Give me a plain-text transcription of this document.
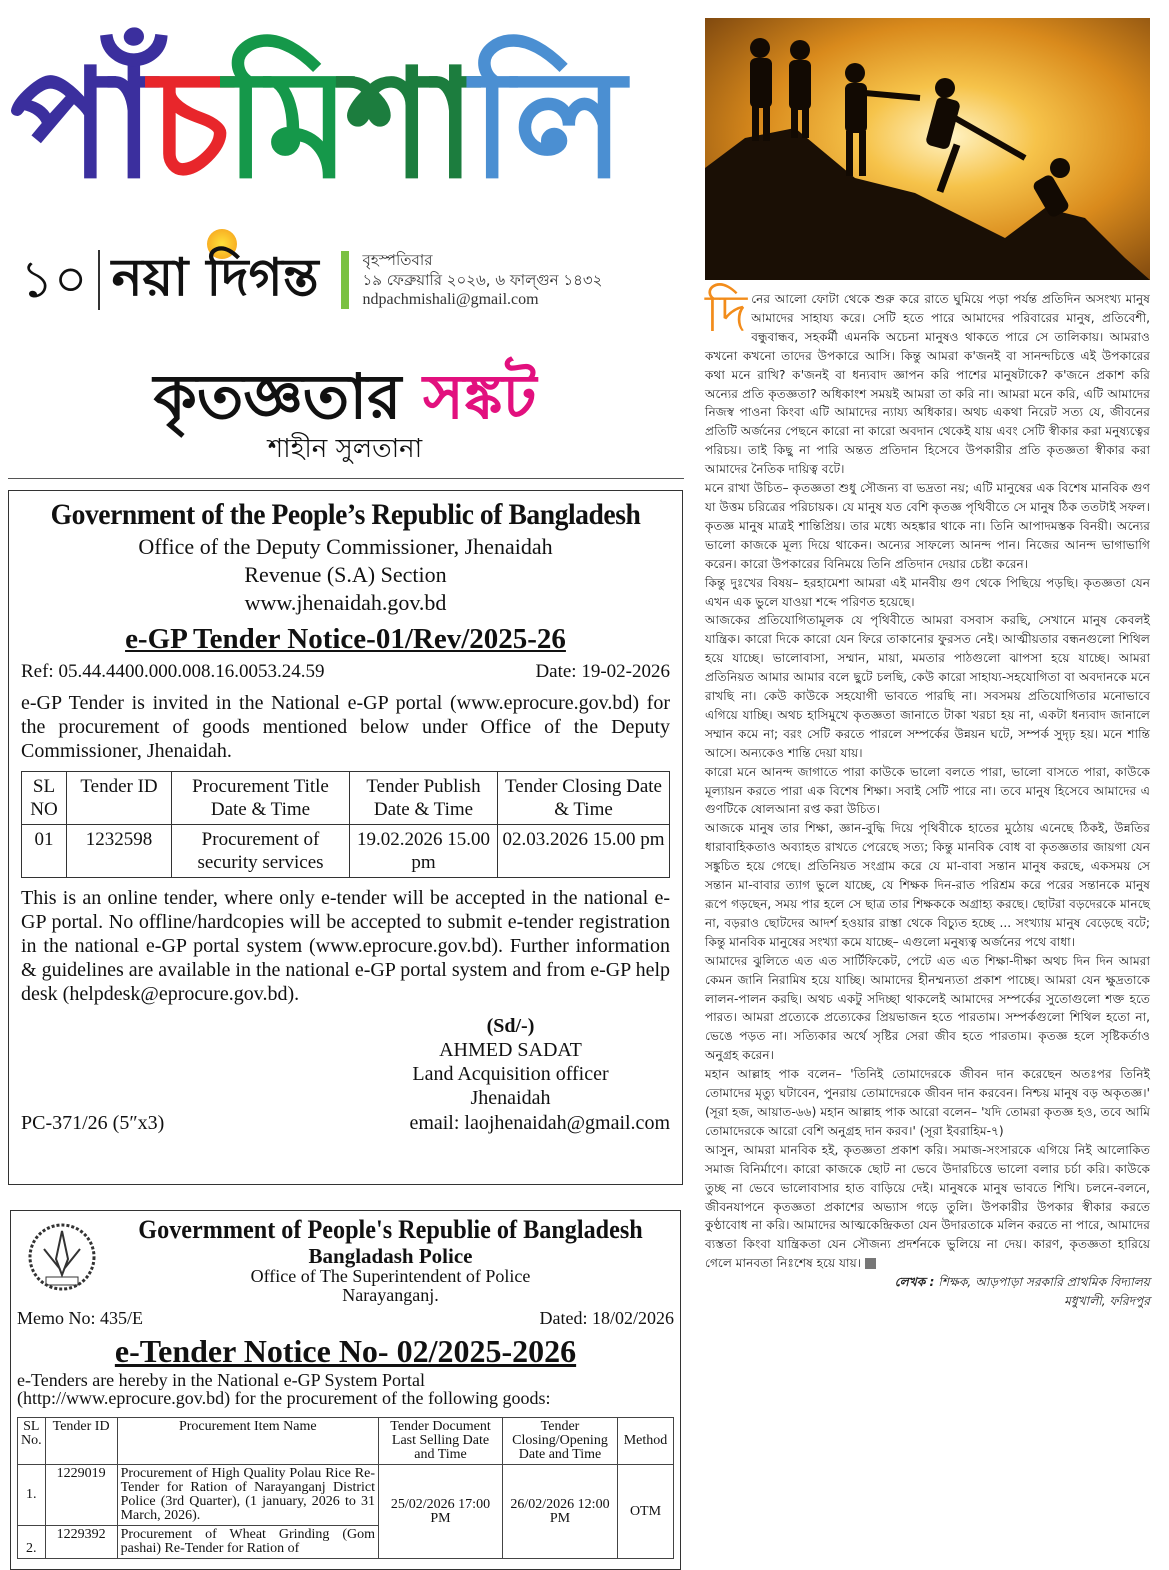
পাঁচমিশালি
১০ নয়া দিগন্ত	বৃহস্পতিবার
১৯ ফেব্রুয়ারি ২০২৬, ৬ ফাল্গুন ১৪৩২
ndpachmishali@gmail.com
কৃতজ্ঞতার সঙ্কট
শাহীন সুলতানা
Government of the People’s Republic of Bangladesh
Office of the Deputy Commissioner, Jhenaidah
Revenue (S.A) Section
www.jhenaidah.gov.bd
e-GP Tender Notice-01/Rev/2025-26
Ref: 05.44.4400.000.008.16.0053.24.59	Date: 19-02-2026
e-GP Tender is invited in the National e-GP portal (www.eprocure.gov.bd) for the procurement of goods mentioned below under Office of the Deputy Commissioner, Jhenaidah.
SL NO	Tender ID	Procurement Title Date & Time	Tender Publish Date & Time	Tender Closing Date & Time
01	1232598	Procurement of security services	19.02.2026 15.00 pm	02.03.2026 15.00 pm
This is an online tender, where only e-tender will be accepted in the national e-GP portal. No offline/hardcopies will be accepted to submit e-tender registration in the national e-GP portal system (www.eprocure.gov.bd). Further information & guidelines are available in the national e-GP portal system and from e-GP help desk (helpdesk@eprocure.gov.bd).
(Sd/-)
AHMED SADAT
Land Acquisition officer
Jhenaidah
PC-371/26 (5″x3)	email: laojhenaidah@gmail.com
Govermment of People's Republie of Bangladesh
Bangladash Police
Office of The Superintendent of Police
Narayanganj.
Memo No: 435/E	Dated: 18/02/2026
e-Tender Notice No- 02/2025-2026
e-Tenders are hereby in the National e-GP System Portal
(http://www.eprocure.gov.bd) for the procurement of the following goods:
SL No.	Tender ID	Procurement Item Name	Tender Document Last Selling Date and Time	Tender Closing/Opening Date and Time	Method
1.	1229019	Procurement of High Quality Polau Rice Re- Tender for Ration of Narayanganj District Police (3rd Quarter), (1 january, 2026 to 31 March, 2026).	25/02/2026 17:00 PM	26/02/2026 12:00 PM	OTM
2.	1229392	Procurement of Wheat Grinding (Gom pashai) Re-Tender for Ration of			

দিনের আলো ফোটা থেকে শুরু করে রাতে ঘুমিয়ে পড়া পর্যন্ত প্রতিদিন অসংখ্য মানুষ আমাদের সাহায্য করে। সেটি হতে পারে আমাদের পরিবারের মানুষ, প্রতিবেশী, বন্ধুবান্ধব, সহকর্মী এমনকি অচেনা মানুষও থাকতে পারে সে তালিকায়। আমরাও কখনো কখনো তাদের উপকারে আসি। কিন্তু আমরা ক'জনই বা সানন্দচিত্তে এই উপকারের কথা মনে রাখি? ক'জনই বা ধন্যবাদ জ্ঞাপন করি পাশের মানুষটাকে? ক'জনে প্রকাশ করি অন্যের প্রতি কৃতজ্ঞতা? অধিকাংশ সময়ই আমরা তা করি না। আমরা মনে করি, এটি আমাদের নিজস্ব পাওনা কিংবা এটি আমাদের ন্যায্য অধিকার। অথচ একথা নিরেট সত্য যে, জীবনের প্রতিটি অর্জনের পেছনে কারো না কারো অবদান থেকেই যায় এবং সেটি স্বীকার করা মনুষ্যত্বের পরিচয়। তাই কিছু না পারি অন্তত প্রতিদান হিসেবে উপকারীর প্রতি কৃতজ্ঞতা স্বীকার করা আমাদের নৈতিক দায়িত্ব বটে।

মনে রাখা উচিত– কৃতজ্ঞতা শুধু সৌজন্য বা ভদ্রতা নয়; এটি মানুষের এক বিশেষ মানবিক গুণ যা উত্তম চরিত্রের পরিচায়ক। যে মানুষ যত বেশি কৃতজ্ঞ পৃথিবীতে সে মানুষ ঠিক ততটাই সফল। কৃতজ্ঞ মানুষ মাত্রই শান্তিপ্রিয়। তার মধ্যে অহঙ্কার থাকে না। তিনি আপাদমস্তক বিনয়ী। অন্যের ভালো কাজকে মূল্য দিয়ে থাকেন। অন্যের সাফল্যে আনন্দ পান। নিজের আনন্দ ভাগাভাগি করেন। কারো উপকারের বিনিময়ে তিনি প্রতিদান দেয়ার চেষ্টা করেন।

কিন্তু দুঃখের বিষয়– হরহামেশা আমরা এই মানবীয় গুণ থেকে পিছিয়ে পড়ছি। কৃতজ্ঞতা যেন এখন এক ভুলে যাওয়া শব্দে পরিণত হয়েছে।

আজকের প্রতিযোগিতামূলক যে পৃথিবীতে আমরা বসবাস করছি, সেখানে মানুষ কেবলই যান্ত্রিক। কারো দিকে কারো যেন ফিরে তাকানোর ফুরসত নেই। আত্মীয়তার বন্ধনগুলো শিথিল হয়ে যাচ্ছে। ভালোবাসা, সম্মান, মায়া, মমতার পাঠগুলো ঝাপসা হয়ে যাচ্ছে। আমরা প্রতিনিয়ত আমার আমার বলে ছুটে চলছি, কেউ কারো সাহায্য-সহযোগিতা বা অবদানকে মনে রাখছি না। কেউ কাউকে সহযোগী ভাবতে পারছি না। সবসময় প্রতিযোগিতার মনোভাবে এগিয়ে যাচ্ছি। অথচ হাসিমুখে কৃতজ্ঞতা জানাতে টাকা খরচা হয় না, একটা ধন্যবাদ জানালে সম্মান কমে না; বরং সেটি করতে পারলে সম্পর্কের উন্নয়ন ঘটে, সম্পর্ক সুদৃঢ় হয়। মনে শান্তি আসে। অন্যকেও শান্তি দেয়া যায়।

কারো মনে আনন্দ জাগাতে পারা কাউকে ভালো বলতে পারা, ভালো বাসতে পারা, কাউকে মূল্যায়ন করতে পারা এক বিশেষ শিক্ষা। সবাই সেটি পারে না। তবে মানুষ হিসেবে আমাদের এ গুণটিকে ষোলআনা রপ্ত করা উচিত।

আজকে মানুষ তার শিক্ষা, জ্ঞান-বুদ্ধি দিয়ে পৃথিবীকে হাতের মুঠোয় এনেছে ঠিকই, উন্নতির ধারাবাহিকতাও অব্যাহত রাখতে পেরেছে সত্য; কিন্তু মানবিক বোধ বা কৃতজ্ঞতার জায়গা যেন সঙ্কুচিত হয়ে গেছে। প্রতিনিয়ত সংগ্রাম করে যে মা-বাবা সন্তান মানুষ করছে, একসময় সে সন্তান মা-বাবার ত্যাগ ভুলে যাচ্ছে, যে শিক্ষক দিন-রাত পরিশ্রম করে পরের সন্তানকে মানুষ রূপে গড়ছেন, সময় পার হলে সে ছাত্র তার শিক্ষককে অগ্রাহ্য করছে। ছোটরা বড়দেরকে মানছে না, বড়রাও ছোটদের আদর্শ হওয়ার রাস্তা থেকে বিচ্যুত হচ্ছে ... সংখ্যায় মানুষ বেড়েছে বটে; কিন্তু মানবিক মানুষের সংখ্যা কমে যাচ্ছে– এগুলো মনুষ্যত্ব অর্জনের পথে বাধা।

আমাদের ঝুলিতে এত এত সার্টিফিকেট, পেটে এত এত শিক্ষা-দীক্ষা অথচ দিন দিন আমরা কেমন জানি নিরামিষ হয়ে যাচ্ছি। আমাদের হীনম্মন্যতা প্রকাশ পাচ্ছে। আমরা যেন ক্ষুদ্রতাকে লালন-পালন করছি। অথচ একটু সদিচ্ছা থাকলেই আমাদের সম্পর্কের সুতোগুলো শক্ত হতে পারত। আমরা প্রত্যেকে প্রত্যেকের প্রিয়ভাজন হতে পারতাম। সম্পর্কগুলো শিথিল হতো না, ভেঙে পড়ত না। সত্যিকার অর্থে সৃষ্টির সেরা জীব হতে পারতাম। কৃতজ্ঞ হলে সৃষ্টিকর্তাও অনুগ্রহ করেন।

মহান আল্লাহ পাক বলেন– 'তিনিই তোমাদেরকে জীবন দান করেছেন অতঃপর তিনিই তোমাদের মৃত্যু ঘটাবেন, পুনরায় তোমাদেরকে জীবন দান করবেন। নিশ্চয় মানুষ বড় অকৃতজ্ঞ।' (সূরা হজ, আয়াত-৬৬) মহান আল্লাহ পাক আরো বলেন– 'যদি তোমরা কৃতজ্ঞ হও, তবে আমি তোমাদেরকে আরো বেশি অনুগ্রহ দান করব।' (সূরা ইবরাহিম-৭)

আসুন, আমরা মানবিক হই, কৃতজ্ঞতা প্রকাশ করি। সমাজ-সংসারকে এগিয়ে নিই আলোকিত সমাজ বিনির্মাণে। কারো কাজকে ছোট না ভেবে উদারচিত্তে ভালো বলার চর্চা করি। কাউকে তুচ্ছ না ভেবে ভালোবাসার হাত বাড়িয়ে দেই। মানুষকে মানুষ ভাবতে শিখি। চলনে-বলনে, জীবনযাপনে কৃতজ্ঞতা প্রকাশের অভ্যাস গড়ে তুলি। উপকারীর উপকার স্বীকার করতে কুণ্ঠাবোধ না করি। আমাদের আত্মকেন্দ্রিকতা যেন উদারতাকে মলিন করতে না পারে, আমাদের ব্যস্ততা কিংবা যান্ত্রিকতা যেন সৌজন্য প্রদর্শনকে ভুলিয়ে না দেয়। কারণ, কৃতজ্ঞতা হারিয়ে গেলে মানবতা নিঃশেষ হয়ে যায়।

লেখক : শিক্ষক, আড়পাড়া সরকারি প্রাথমিক বিদ্যালয়

মধুখালী, ফরিদপুর
